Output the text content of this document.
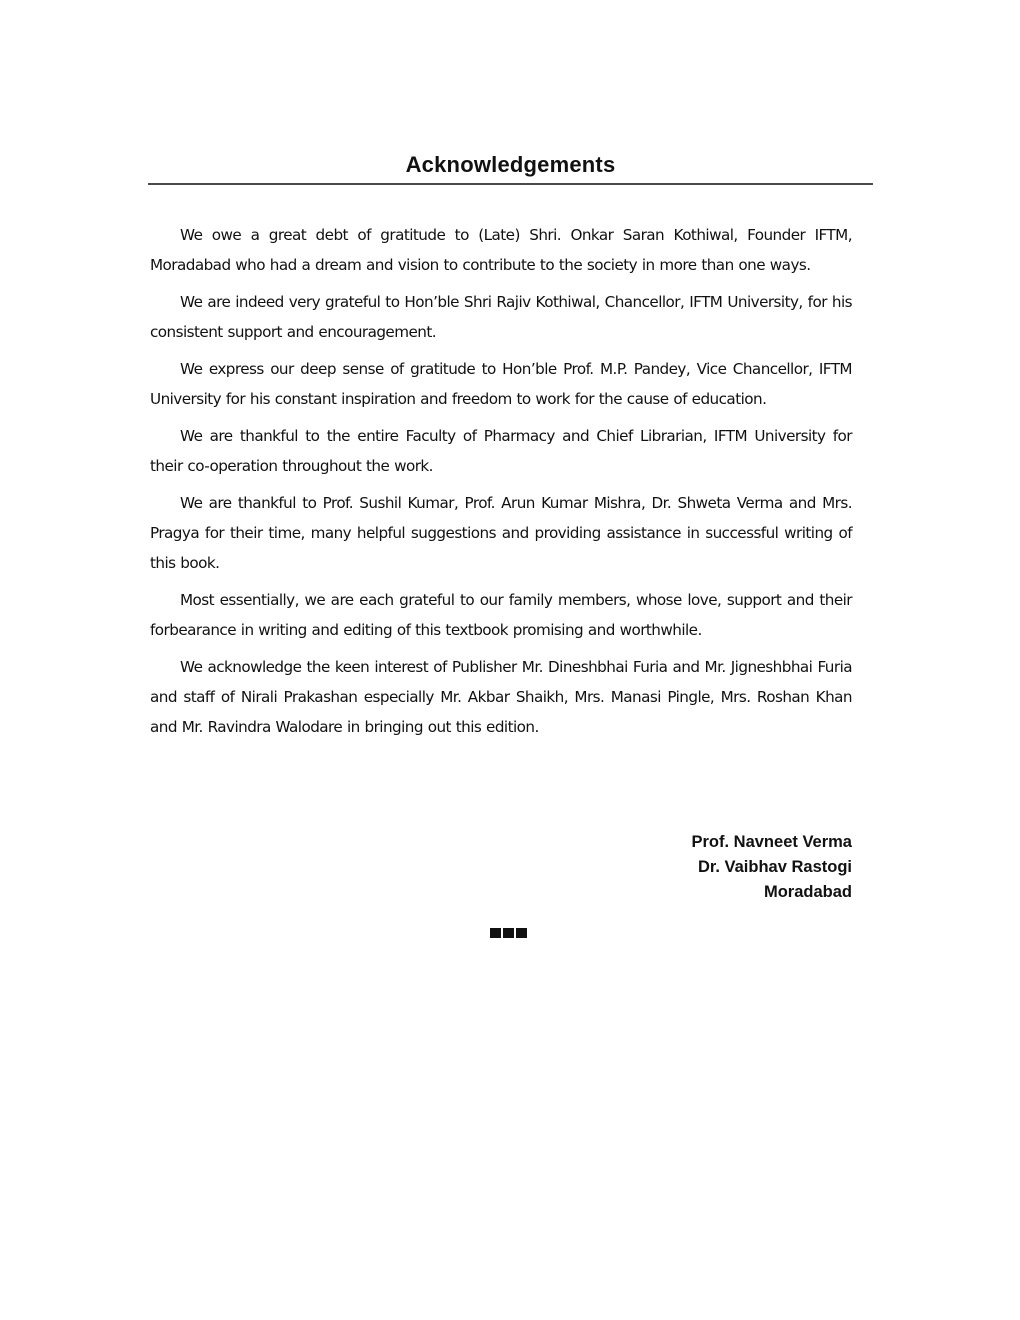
Acknowledgements

We owe a great debt of gratitude to (Late) Shri. Onkar Saran Kothiwal, Founder IFTM, Moradabad who had a dream and vision to contribute to the society in more than one ways.

We are indeed very grateful to Hon’ble Shri Rajiv Kothiwal, Chancellor, IFTM University, for his consistent support and encouragement.

We express our deep sense of gratitude to Hon’ble Prof. M.P. Pandey, Vice Chancellor, IFTM University for his constant inspiration and freedom to work for the cause of education.

We are thankful to the entire Faculty of Pharmacy and Chief Librarian, IFTM University for their co-operation throughout the work.

We are thankful to Prof. Sushil Kumar, Prof. Arun Kumar Mishra, Dr. Shweta Verma and Mrs. Pragya for their time, many helpful suggestions and providing assistance in successful writing of this book.

Most essentially, we are each grateful to our family members, whose love, support and their forbearance in writing and editing of this textbook promising and worthwhile.

We acknowledge the keen interest of Publisher Mr. Dineshbhai Furia and Mr. Jigneshbhai Furia and staff of Nirali Prakashan especially Mr. Akbar Shaikh, Mrs. Manasi Pingle, Mrs. Roshan Khan and Mr. Ravindra Walodare in bringing out this edition.

Prof. Navneet Verma
Dr. Vaibhav Rastogi
Moradabad
